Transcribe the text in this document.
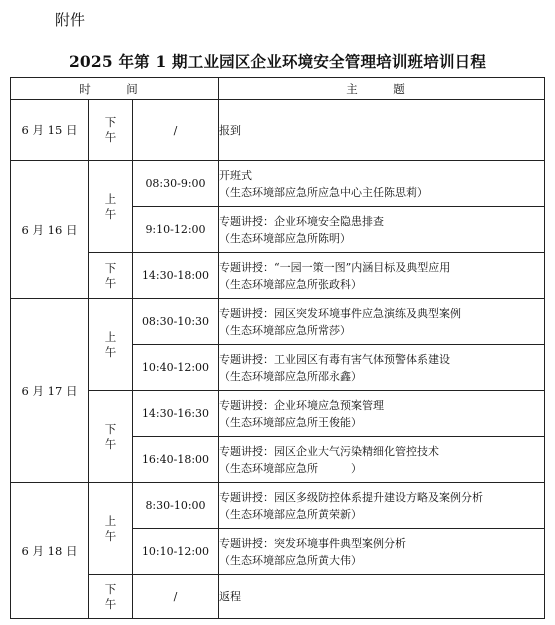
附件
2025 年第 1 期工业园区企业环境安全管理培训班培训日程
时　间			主　题
6 月 15 日	下午	/	报到

6 月 16 日	上午	08:30-9:00	开班式
（生态环境部应急所应急中心主任陈思莉）

		9:10-12:00	专题讲授：企业环境安全隐患排查
（生态环境部应急所陈明）

	下午	14:30-18:00	专题讲授：“一园一策一图”内涵目标及典型应用
（生态环境部应急所张政科）

6 月 17 日	上午	08:30-10:30	专题讲授：园区突发环境事件应急演练及典型案例
（生态环境部应急所常莎）

		10:40-12:00	专题讲授：工业园区有毒有害气体预警体系建设
（生态环境部应急所邵永鑫）

	下午	14:30-16:30	专题讲授：企业环境应急预案管理
（生态环境部应急所王俊能）

		16:40-18:00	专题讲授：园区企业大气污染精细化管控技术
（生态环境部应急所　　　）

6 月 18 日	上午	8:30-10:00	专题讲授：园区多级防控体系提升建设方略及案例分析
（生态环境部应急所黄荣新）

		10:10-12:00	专题讲授：突发环境事件典型案例分析
（生态环境部应急所黄大伟）

	下午	/	返程
